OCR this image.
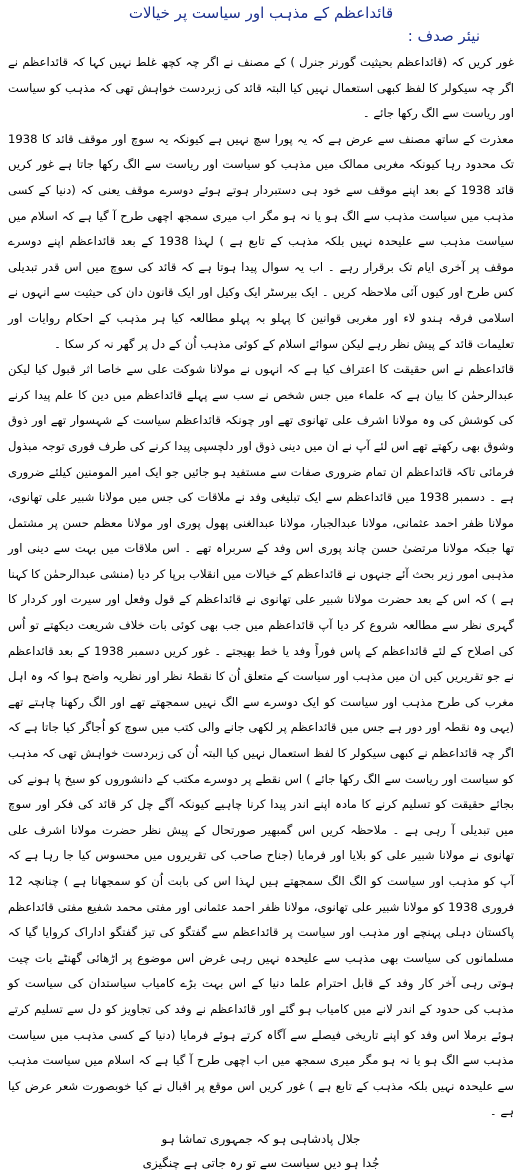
قائداعظم کے مذہب اور سیاست پر خیالات
نیئر صدف :

غور کریں کہ (قائداعظم بحیثیت گورنر جنرل ) کے مصنف نے اگر چہ کچھ غلط نہیں کہا کہ قائداعظم نے اگر چہ سیکولر کا لفظ کبھی استعمال نہیں کیا البتہ قائد کی زبردست خواہش تھی کہ مذہب کو سیاست اور ریاست سے الگ رکھا جائے ۔

معذرت کے ساتھ مصنف سے عرض ہے کہ یہ پورا سچ نہیں ہے کیونکہ یہ سوچ اور موقف قائد کا 1938 تک محدود رہا کیونکہ مغربی ممالک میں مذہب کو سیاست اور ریاست سے الگ رکھا جاتا ہے غور کریں قائد 1938 کے بعد اپنے موقف سے خود ہی دستبردار ہوتے ہوئے دوسرے موقف یعنی کہ (دنیا کے کسی مذہب میں سیاست مذہب سے الگ ہو یا نہ ہو مگر اب میری سمجھ اچھی طرح آ گیا ہے کہ اسلام میں سیاست مذہب سے علیحدہ نہیں بلکہ مذہب کے تابع ہے ) لہذا 1938 کے بعد قائداعظم اپنے دوسرے موقف پر آخری ایام تک برقرار رہے ۔ اب یہ سوال پیدا ہوتا ہے کہ قائد کی سوچ میں اس قدر تبدیلی کس طرح اور کیوں آئی ملاحظہ کریں ۔ ایک بیرسٹر ایک وکیل اور ایک قانون دان کی حیثیت سے انہوں نے اسلامی فرقہ ہندو لاء اور مغربی قوانین کا پہلو بہ پہلو مطالعہ کیا ہر مذہب کے احکام روایات اور تعلیمات قائد کے پیش نظر رہے لیکن سوائے اسلام کے کوئی مذہب اُن کے دل پر گھر نہ کر سکا ۔

قائداعظم نے اس حقیقت کا اعتراف کیا ہے کہ انہوں نے مولانا شوکت علی سے خاصا اثر قبول کیا لیکن عبدالرحمٰن کا بیان ہے کہ علماء میں جس شخص نے سب سے پہلے قائداعظم میں دین کا علم پیدا کرنے کی کوشش کی وہ مولانا اشرف علی تھانوی تھے اور چونکہ قائداعظم سیاست کے شہسوار تھے اور ذوق وشوق بھی رکھتے تھے اس لئے آپ نے ان میں دینی ذوق اور دلچسپی پیدا کرنے کی طرف فوری توجہ مبذول فرمائی تاکہ قائداعظم ان تمام ضروری صفات سے مستفید ہو جائیں جو ایک امیر المومنین کیلئے ضروری ہے ۔ دسمبر 1938 میں قائداعظم سے ایک تبلیغی وفد نے ملاقات کی جس میں مولانا شبیر علی تھانوی، مولانا ظفر احمد عثمانی، مولانا عبدالجبار، مولانا عبدالغنی پھول پوری اور مولانا معظم حسن پر مشتمل تھا جبکہ مولانا مرتضیٰ حسن چاند پوری اس وفد کے سربراہ تھے ۔ اس ملاقات میں بہت سے دینی اور مذہبی امور زیر بحث آئے جنہوں نے قائداعظم کے خیالات میں انقلاب برپا کر دیا (منشی عبدالرحمٰن کا کہنا ہے ) کہ اس کے بعد حضرت مولانا شبیر علی تھانوی نے قائداعظم کے قول وفعل اور سیرت اور کردار کا گہری نظر سے مطالعہ شروع کر دیا آپ قائداعظم میں جب بھی کوئی بات خلاف شریعت دیکھتے تو اُس کی اصلاح کے لئے قائداعظم کے پاس فوراً وفد یا خط بھیجتے ۔ غور کریں دسمبر 1938 کے بعد قائداعظم نے جو تقریریں کیں ان میں مذہب اور سیاست کے متعلق اُن کا نقطۂ نظر اور نظریہ واضح ہوا کہ وہ اہل مغرب کی طرح مذہب اور سیاست کو ایک دوسرے سے الگ نہیں سمجھتے تھے اور الگ رکھنا چاہتے تھے (یہی وہ نقطہ اور دور ہے جس میں قائداعظم پر لکھی جانے والی کتب میں سوچ کو اُجاگر کیا جاتا ہے کہ اگر چہ قائداعظم نے کبھی سیکولر کا لفظ استعمال نہیں کیا البتہ اُن کی زبردست خواہش تھی کہ مذہب کو سیاست اور ریاست سے الگ رکھا جائے ) اس نقطے پر دوسرے مکتب کے دانشوروں کو سیخ پا ہونے کی بجائے حقیقت کو تسلیم کرنے کا مادہ اپنے اندر پیدا کرنا چاہیے کیونکہ آگے چل کر قائد کی فکر اور سوچ میں تبدیلی آ رہی ہے ۔ ملاحظہ کریں اس گمبھیر صورتحال کے پیش نظر حضرت مولانا اشرف علی تھانوی نے مولانا شبیر علی کو بلایا اور فرمایا (جناح صاحب کی تقریروں میں محسوس کیا جا رہا ہے کہ آپ کو مذہب اور سیاست کو الگ الگ سمجھتے ہیں لہذا اس کی بابت اُن کو سمجھانا ہے ) چنانچہ 12 فروری 1938 کو مولانا شبیر علی تھانوی، مولانا ظفر احمد عثمانی اور مفتی محمد شفیع مفتی قائداعظم پاکستان دہلی پہنچے اور مذہب اور سیاست پر قائداعظم سے گفتگو کی تیز گفتگو اداراک کروایا گیا کہ مسلمانوں کی سیاست بھی مذہب سے علیحدہ نہیں رہی غرض اس موضوع پر اڑھائی گھنٹے بات چیت ہوتی رہی آخر کار وفد کے قابل احترام علما دنیا کے اس بہت بڑے کامیاب سیاستدان کی سیاست کو مذہب کی حدود کے اندر لانے میں کامیاب ہو گئے اور قائداعظم نے وفد کی تجاویز کو دل سے تسلیم کرتے ہوئے برملا اس وفد کو اپنے تاریخی فیصلے سے آگاہ کرتے ہوئے فرمایا (دنیا کے کسی مذہب میں سیاست مذہب سے الگ ہو یا نہ ہو مگر میری سمجھ میں اب اچھی طرح آ گیا ہے کہ اسلام میں سیاست مذہب سے علیحدہ نہیں بلکہ مذہب کے تابع ہے ) غور کریں اس موقع پر اقبال نے کیا خوبصورت شعر عرض کیا ہے ۔

جلال پادشاہی ہو کہ جمہوری تماشا ہو
جُدا ہو دیں سیاست سے تو رہ جاتی ہے چنگیزی
